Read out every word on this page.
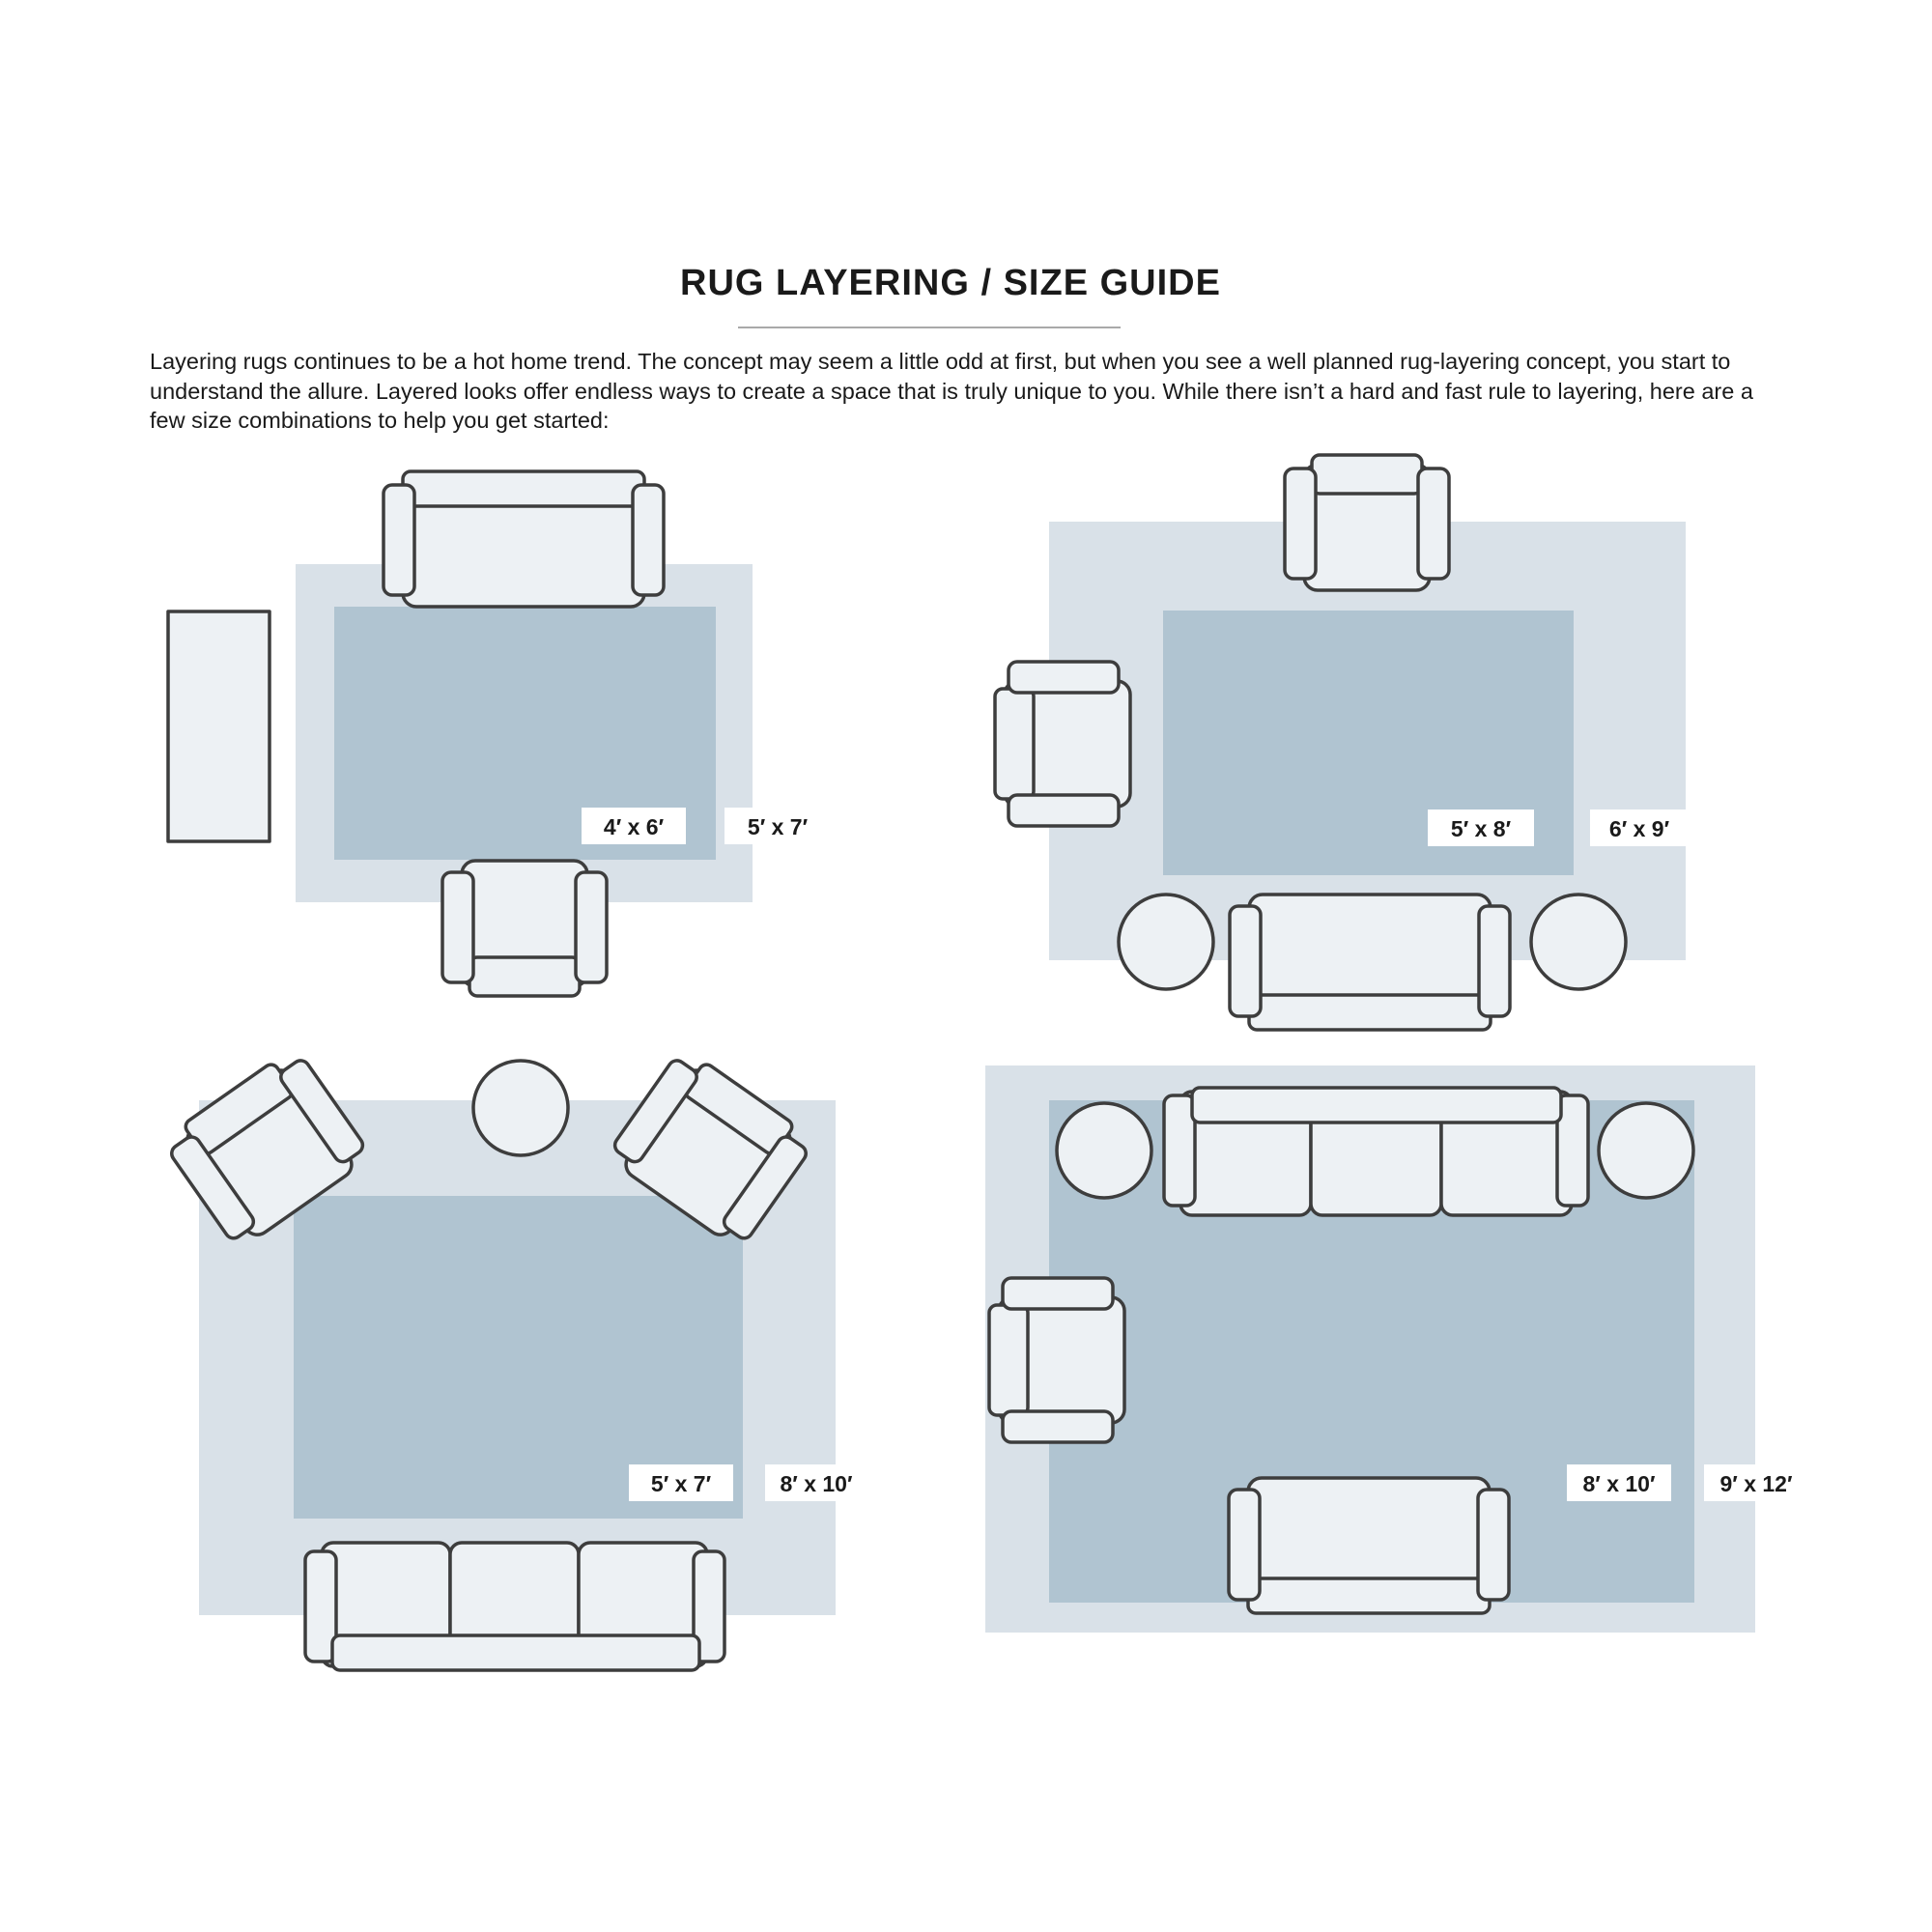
RUG LAYERING / SIZE GUIDE

Layering rugs continues to be a hot home trend. The concept may seem a little odd at first, but when you see a well planned rug-layering concept, you start to understand the allure. Layered looks offer endless ways to create a space that is truly unique to you. While there isn’t a hard and fast rule to layering, here are a few size combinations to help you get started:

4′ x 6′	5′ x 7′	5′ x 8′	6′ x 9′
5′ x 7′	8′ x 10′	8′ x 10′	9′ x 12′
